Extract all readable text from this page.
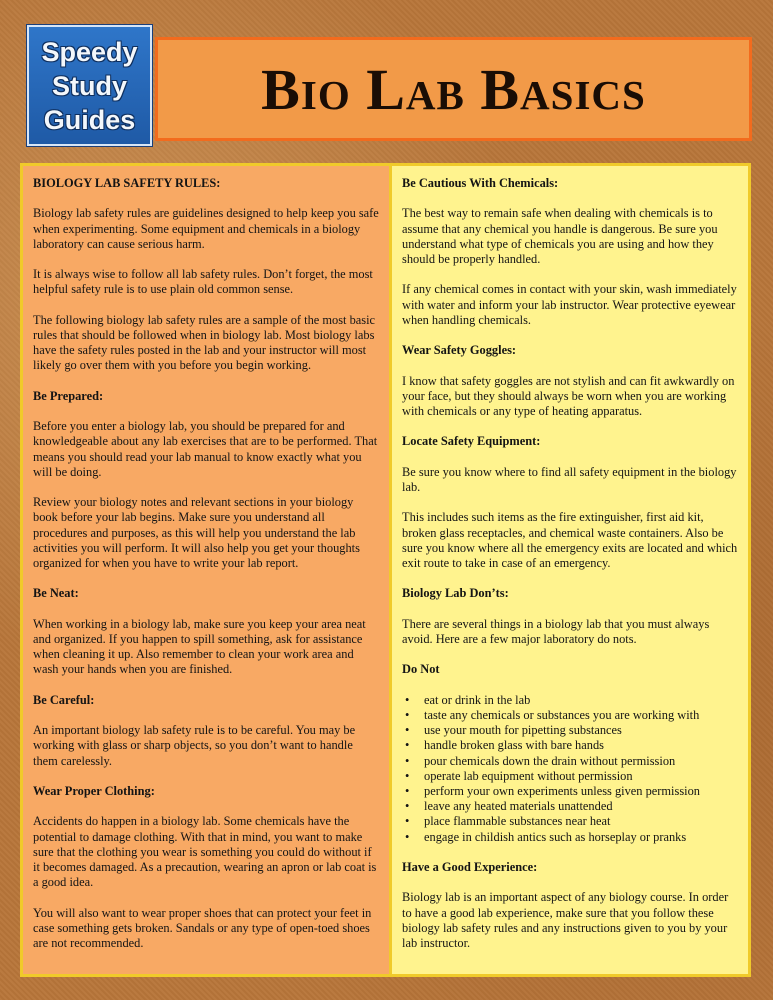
Speedy
Study
Guides Bio Lab Basics
BIOLOGY LAB SAFETY RULES:

Biology lab safety rules are guidelines designed to help keep you safe when experimenting. Some equipment and chemicals in a biology laboratory can cause serious harm.

It is always wise to follow all lab safety rules. Don’t forget, the most helpful safety rule is to use plain old common sense.

The following biology lab safety rules are a sample of the most basic rules that should be followed when in biology lab. Most biology labs have the safety rules posted in the lab and your instructor will most likely go over them with you before you begin working.

Be Prepared:

Before you enter a biology lab, you should be prepared for and knowledgeable about any lab exercises that are to be performed. That means you should read your lab manual to know exactly what you will be doing.

Review your biology notes and relevant sections in your biology book before your lab begins. Make sure you understand all procedures and purposes, as this will help you understand the lab activities you will perform. It will also help you get your thoughts organized for when you have to write your lab report.

Be Neat:

When working in a biology lab, make sure you keep your area neat and organized. If you happen to spill something, ask for assistance when cleaning it up. Also remember to clean your work area and wash your hands when you are finished.

Be Careful:

An important biology lab safety rule is to be careful. You may be working with glass or sharp objects, so you don’t want to handle them carelessly.

Wear Proper Clothing:

Accidents do happen in a biology lab. Some chemicals have the potential to damage clothing. With that in mind, you want to make sure that the clothing you wear is something you could do without if it becomes damaged. As a precaution, wearing an apron or lab coat is a good idea.

You will also want to wear proper shoes that can protect your feet in case something gets broken. Sandals or any type of open-toed shoes are not recommended.

Be Cautious With Chemicals:

The best way to remain safe when dealing with chemicals is to assume that any chemical you handle is dangerous. Be sure you understand what type of chemicals you are using and how they should be properly handled.

If any chemical comes in contact with your skin, wash immediately with water and inform your lab instructor. Wear protective eyewear when handling chemicals.

Wear Safety Goggles:

I know that safety goggles are not stylish and can fit awkwardly on your face, but they should always be worn when you are working with chemicals or any type of heating apparatus.

Locate Safety Equipment:

Be sure you know where to find all safety equipment in the biology lab.

This includes such items as the fire extinguisher, first aid kit, broken glass receptacles, and chemical waste containers. Also be sure you know where all the emergency exits are located and which exit route to take in case of an emergency.

Biology Lab Don’ts:

There are several things in a biology lab that you must always avoid. Here are a few major laboratory do nots.

Do Not
• eat or drink in the lab
• taste any chemicals or substances you are working with
• use your mouth for pipetting substances
• handle broken glass with bare hands
• pour chemicals down the drain without permission
• operate lab equipment without permission
• perform your own experiments unless given permission
• leave any heated materials unattended
• place flammable substances near heat
• engage in childish antics such as horseplay or pranks
Have a Good Experience:

Biology lab is an important aspect of any biology course. In order to have a good lab experience, make sure that you follow these biology lab safety rules and any instructions given to you by your lab instructor.
